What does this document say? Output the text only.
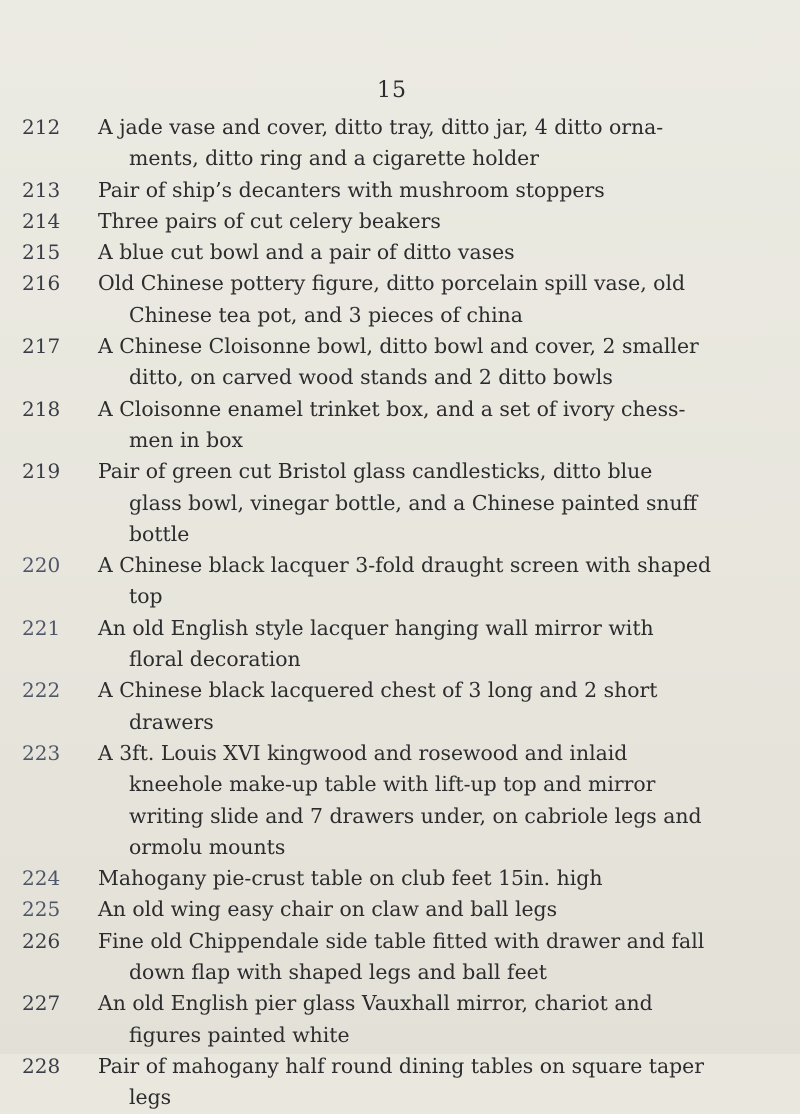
15
212	A jade vase and cover, ditto tray, ditto jar, 4 ditto orna-
ments, ditto ring and a cigarette holder
213	Pair of ship’s decanters with mushroom stoppers
214	Three pairs of cut celery beakers
215	A blue cut bowl and a pair of ditto vases
216	Old Chinese pottery figure, ditto porcelain spill vase, old
Chinese tea pot, and 3 pieces of china
217	A Chinese Cloisonne bowl, ditto bowl and cover, 2 smaller
ditto, on carved wood stands and 2 ditto bowls
218	A Cloisonne enamel trinket box, and a set of ivory chess-
men in box
219	Pair of green cut Bristol glass candlesticks, ditto blue
glass bowl, vinegar bottle, and a Chinese painted snuff
bottle
220	A Chinese black lacquer 3-fold draught screen with shaped
top
221	An old English style lacquer hanging wall mirror with
floral decoration
222	A Chinese black lacquered chest of 3 long and 2 short
drawers
223	A 3ft. Louis XVI kingwood and rosewood and inlaid
kneehole make-up table with lift-up top and mirror
writing slide and 7 drawers under, on cabriole legs and
ormolu mounts
224	Mahogany pie-crust table on club feet 15in. high
225	An old wing easy chair on claw and ball legs
226	Fine old Chippendale side table fitted with drawer and fall
down flap with shaped legs and ball feet
227	An old English pier glass Vauxhall mirror, chariot and
figures painted white
228	Pair of mahogany half round dining tables on square taper
legs
